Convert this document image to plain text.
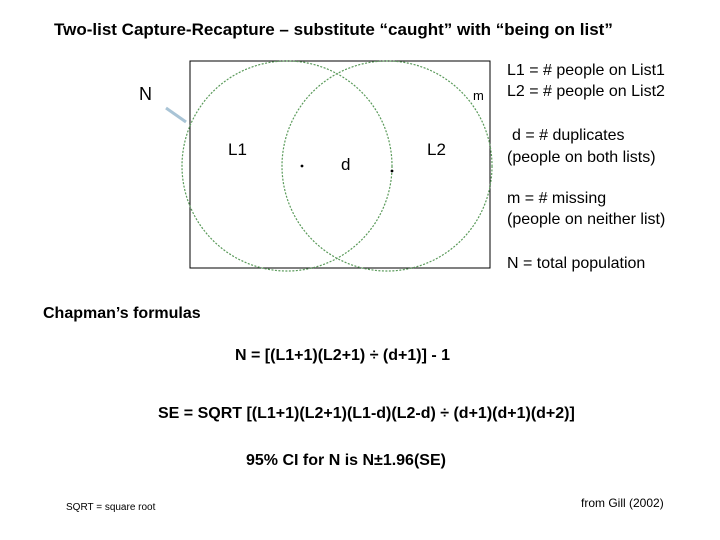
Two-list Capture-Recapture – substitute “caught” with “being on list”
N	m
L1	L2
d
L1 = # people on List1
L2 = # people on List2
d = # duplicates
(people on both lists)
m = # missing
(people on neither list)
N = total population
Chapman’s formulas
N = [(L1+1)(L2+1) ÷ (d+1)] - 1
SE = SQRT [(L1+1)(L2+1)(L1-d)(L2-d) ÷ (d+1)(d+1)(d+2)]
95% CI for N is N±1.96(SE)
SQRT = square root	from Gill (2002)
